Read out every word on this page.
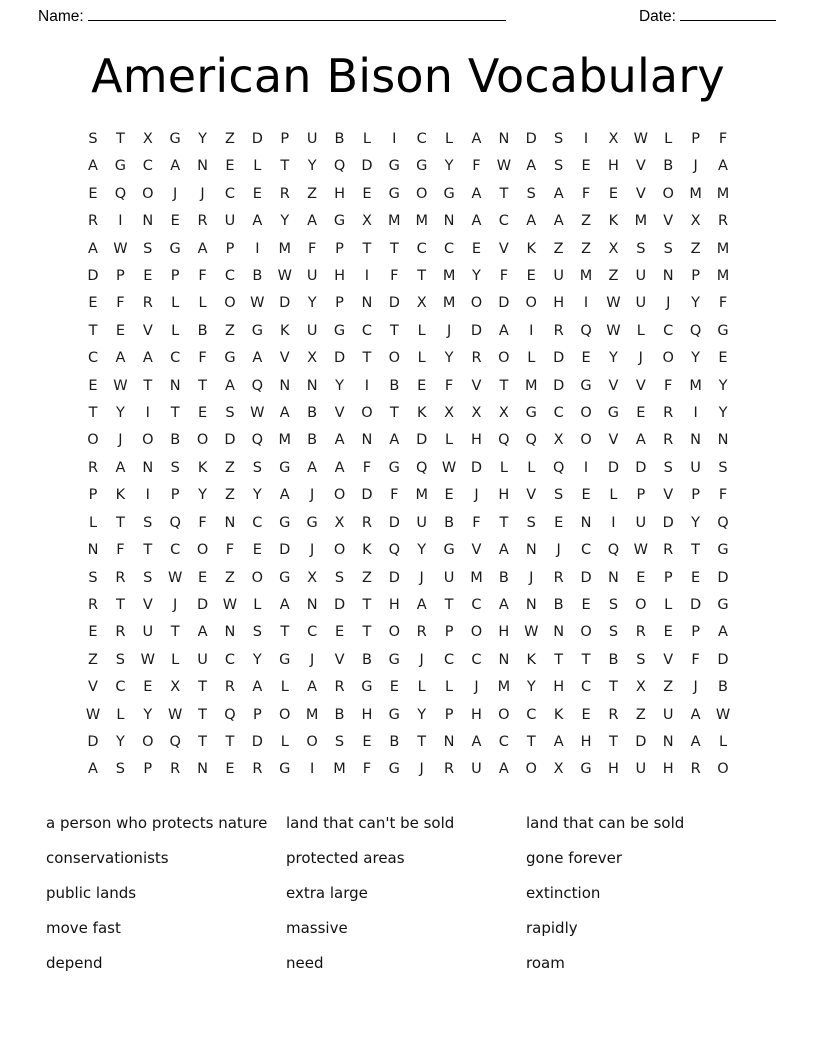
Name:	Date:
American Bison Vocabulary
S	T	X	G	Y	Z	D	P	U	B	L	I	C	L	A	N	D	S	I	X	W	L	P	F
A	G	C	A	N	E	L	T	Y	Q	D	G	G	Y	F	W	A	S	E	H	V	B	J	A
E	Q	O	J	J	C	E	R	Z	H	E	G	O	G	A	T	S	A	F	E	V	O	M	M
R	I	N	E	R	U	A	Y	A	G	X	M	M	N	A	C	A	A	Z	K	M	V	X	R
A	W	S	G	A	P	I	M	F	P	T	T	C	C	E	V	K	Z	Z	X	S	S	Z	M
D	P	E	P	F	C	B	W	U	H	I	F	T	M	Y	F	E	U	M	Z	U	N	P	M
E	F	R	L	L	O	W	D	Y	P	N	D	X	M	O	D	O	H	I	W	U	J	Y	F
T	E	V	L	B	Z	G	K	U	G	C	T	L	J	D	A	I	R	Q	W	L	C	Q	G
C	A	A	C	F	G	A	V	X	D	T	O	L	Y	R	O	L	D	E	Y	J	O	Y	E
E	W	T	N	T	A	Q	N	N	Y	I	B	E	F	V	T	M	D	G	V	V	F	M	Y
T	Y	I	T	E	S	W	A	B	V	O	T	K	X	X	X	G	C	O	G	E	R	I	Y
O	J	O	B	O	D	Q	M	B	A	N	A	D	L	H	Q	Q	X	O	V	A	R	N	N
R	A	N	S	K	Z	S	G	A	A	F	G	Q	W	D	L	L	Q	I	D	D	S	U	S
P	K	I	P	Y	Z	Y	A	J	O	D	F	M	E	J	H	V	S	E	L	P	V	P	F
L	T	S	Q	F	N	C	G	G	X	R	D	U	B	F	T	S	E	N	I	U	D	Y	Q
N	F	T	C	O	F	E	D	J	O	K	Q	Y	G	V	A	N	J	C	Q	W	R	T	G
S	R	S	W	E	Z	O	G	X	S	Z	D	J	U	M	B	J	R	D	N	E	P	E	D
R	T	V	J	D	W	L	A	N	D	T	H	A	T	C	A	N	B	E	S	O	L	D	G
E	R	U	T	A	N	S	T	C	E	T	O	R	P	O	H	W	N	O	S	R	E	P	A
Z	S	W	L	U	C	Y	G	J	V	B	G	J	C	C	N	K	T	T	B	S	V	F	D
V	C	E	X	T	R	A	L	A	R	G	E	L	L	J	M	Y	H	C	T	X	Z	J	B
W	L	Y	W	T	Q	P	O	M	B	H	G	Y	P	H	O	C	K	E	R	Z	U	A	W
D	Y	O	Q	T	T	D	L	O	S	E	B	T	N	A	C	T	A	H	T	D	N	A	L
A	S	P	R	N	E	R	G	I	M	F	G	J	R	U	A	O	X	G	H	U	H	R	O
a person who protects nature	land that can't be sold	land that can be sold
conservationists	protected areas	gone forever
public lands	extra large	extinction
move fast	massive	rapidly
depend	need	roam
